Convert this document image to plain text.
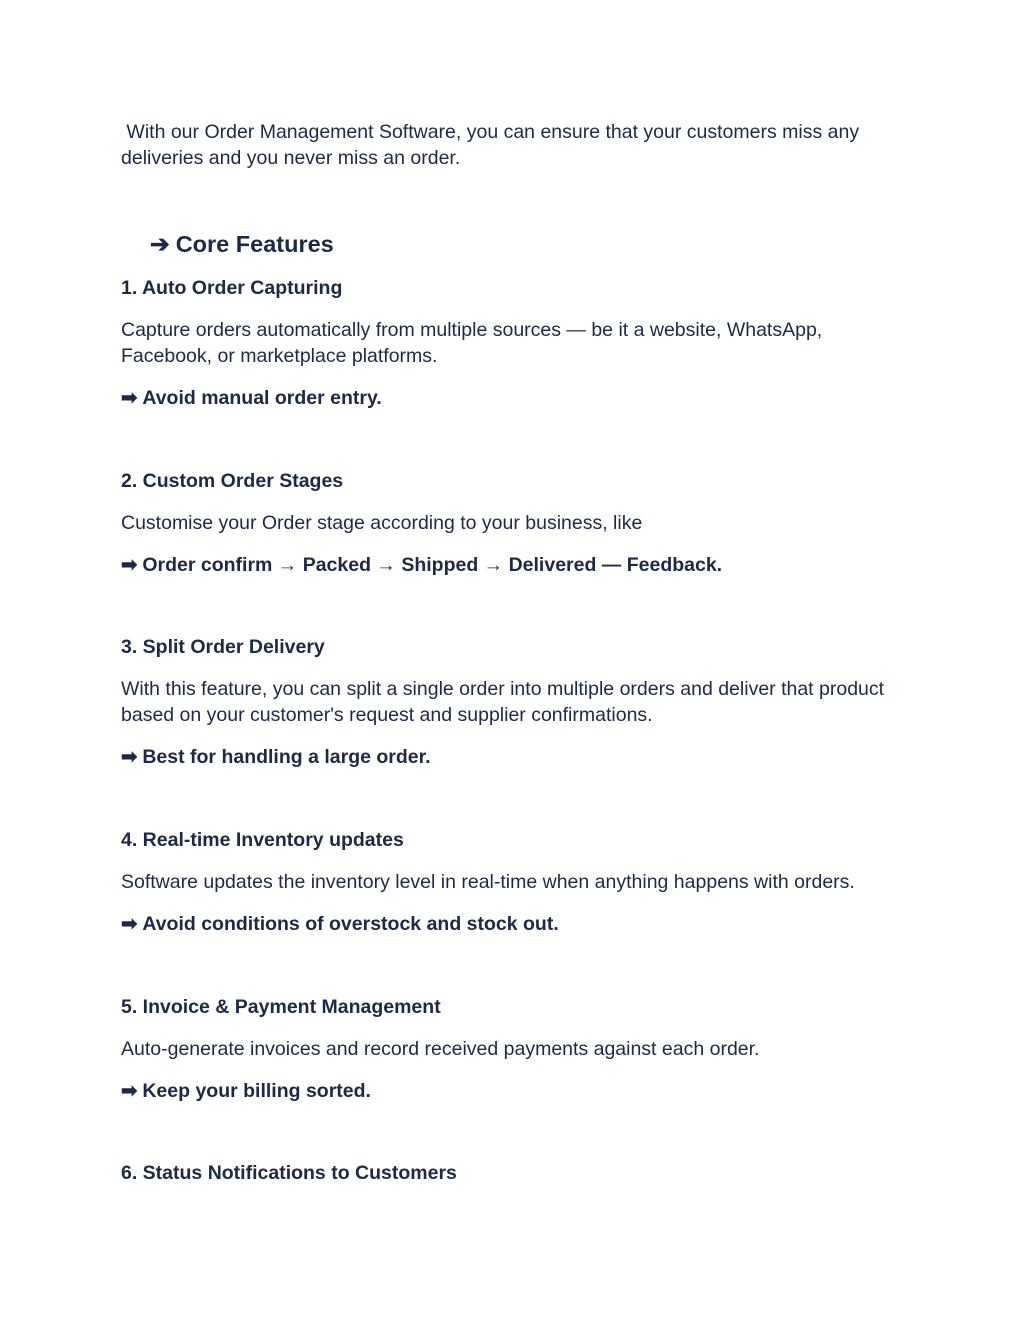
With our Order Management Software, you can ensure that your customers miss any deliveries and you never miss an order.

➔ Core Features
1. Auto Order Capturing

Capture orders automatically from multiple sources — be it a website, WhatsApp, Facebook, or marketplace platforms.

➡ Avoid manual order entry.

2. Custom Order Stages

Customise your Order stage according to your business, like

➡ Order confirm → Packed → Shipped → Delivered — Feedback.

3. Split Order Delivery

With this feature, you can split a single order into multiple orders and deliver that product based on your customer's request and supplier confirmations.

➡ Best for handling a large order.

4. Real-time Inventory updates

Software updates the inventory level in real-time when anything happens with orders.

➡ Avoid conditions of overstock and stock out.

5. Invoice & Payment Management

Auto-generate invoices and record received payments against each order.

➡ Keep your billing sorted.

6. Status Notifications to Customers
